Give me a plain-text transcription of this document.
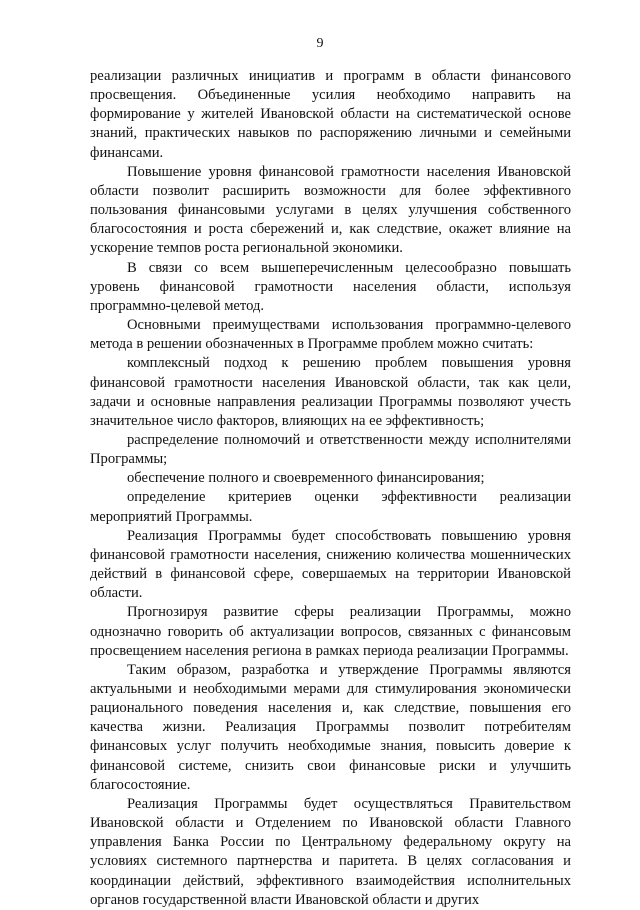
9

реализации различных инициатив и программ в области финансового просвещения. Объединенные усилия необходимо направить на формирование у жителей Ивановской области на систематической основе знаний, практических навыков по распоряжению личными и семейными финансами.

Повышение уровня финансовой грамотности населения Ивановской области позволит расширить возможности для более эффективного пользования финансовыми услугами в целях улучшения собственного благосостояния и роста сбережений и, как следствие, окажет влияние на ускорение темпов роста региональной экономики.

В связи со всем вышеперечисленным целесообразно повышать уровень финансовой грамотности населения области, используя программно-целевой метод.

Основными преимуществами использования программно-целевого метода в решении обозначенных в Программе проблем можно считать:

комплексный подход к решению проблем повышения уровня финансовой грамотности населения Ивановской области, так как цели, задачи и основные направления реализации Программы позволяют учесть значительное число факторов, влияющих на ее эффективность;

распределение полномочий и ответственности между исполнителями Программы;

обеспечение полного и своевременного финансирования;

определение критериев оценки эффективности реализации мероприятий Программы.

Реализация Программы будет способствовать повышению уровня финансовой грамотности населения, снижению количества мошеннических действий в финансовой сфере, совершаемых на территории Ивановской области.

Прогнозируя развитие сферы реализации Программы, можно однозначно говорить об актуализации вопросов, связанных с финансовым просвещением населения региона в рамках периода реализации Программы.

Таким образом, разработка и утверждение Программы являются актуальными и необходимыми мерами для стимулирования экономически рационального поведения населения и, как следствие, повышения его качества жизни. Реализация Программы позволит потребителям финансовых услуг получить необходимые знания, повысить доверие к финансовой системе, снизить свои финансовые риски и улучшить благосостояние.

Реализация Программы будет осуществляться Правительством Ивановской области и Отделением по Ивановской области Главного управления Банка России по Центральному федеральному округу на условиях системного партнерства и паритета. В целях согласования и координации действий, эффективного взаимодействия исполнительных органов государственной власти Ивановской области и других
